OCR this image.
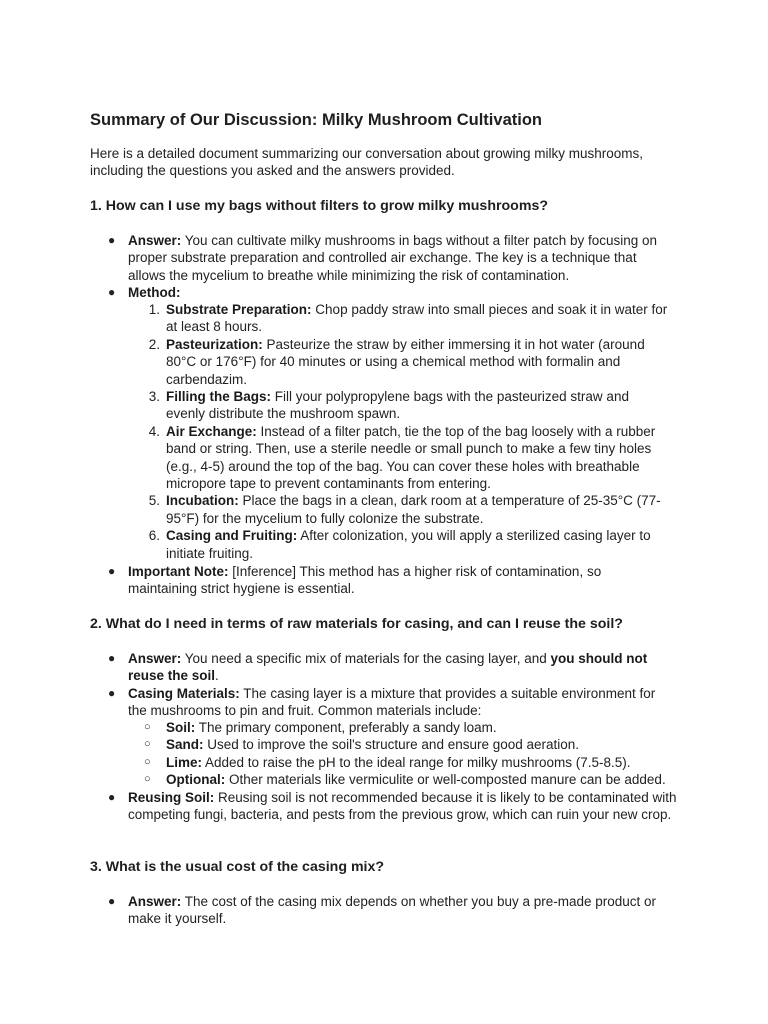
Summary of Our Discussion: Milky Mushroom Cultivation

Here is a detailed document summarizing our conversation about growing milky mushrooms, including the questions you asked and the answers provided.

1. How can I use my bags without filters to grow milky mushrooms?
● Answer: You can cultivate milky mushrooms in bags without a filter patch by focusing on proper substrate preparation and controlled air exchange. The key is a technique that allows the mycelium to breathe while minimizing the risk of contamination.
● Method:
1. Substrate Preparation: Chop paddy straw into small pieces and soak it in water for at least 8 hours.
2. Pasteurization: Pasteurize the straw by either immersing it in hot water (around 80°C or 176°F) for 40 minutes or using a chemical method with formalin and carbendazim.
3. Filling the Bags: Fill your polypropylene bags with the pasteurized straw and evenly distribute the mushroom spawn.
4. Air Exchange: Instead of a filter patch, tie the top of the bag loosely with a rubber band or string. Then, use a sterile needle or small punch to make a few tiny holes (e.g., 4-5) around the top of the bag. You can cover these holes with breathable micropore tape to prevent contaminants from entering.
5. Incubation: Place the bags in a clean, dark room at a temperature of 25-35°C (77-95°F) for the mycelium to fully colonize the substrate.
6. Casing and Fruiting: After colonization, you will apply a sterilized casing layer to initiate fruiting.
● Important Note: [Inference] This method has a higher risk of contamination, so maintaining strict hygiene is essential.
2. What do I need in terms of raw materials for casing, and can I reuse the soil?
● Answer: You need a specific mix of materials for the casing layer, and you should not reuse the soil.
● Casing Materials: The casing layer is a mixture that provides a suitable environment for the mushrooms to pin and fruit. Common materials include:
○ Soil: The primary component, preferably a sandy loam.
○ Sand: Used to improve the soil's structure and ensure good aeration.
○ Lime: Added to raise the pH to the ideal range for milky mushrooms (7.5-8.5).
○ Optional: Other materials like vermiculite or well-composted manure can be added.
● Reusing Soil: Reusing soil is not recommended because it is likely to be contaminated with competing fungi, bacteria, and pests from the previous grow, which can ruin your new crop.
3. What is the usual cost of the casing mix?
● Answer: The cost of the casing mix depends on whether you buy a pre-made product or make it yourself.
